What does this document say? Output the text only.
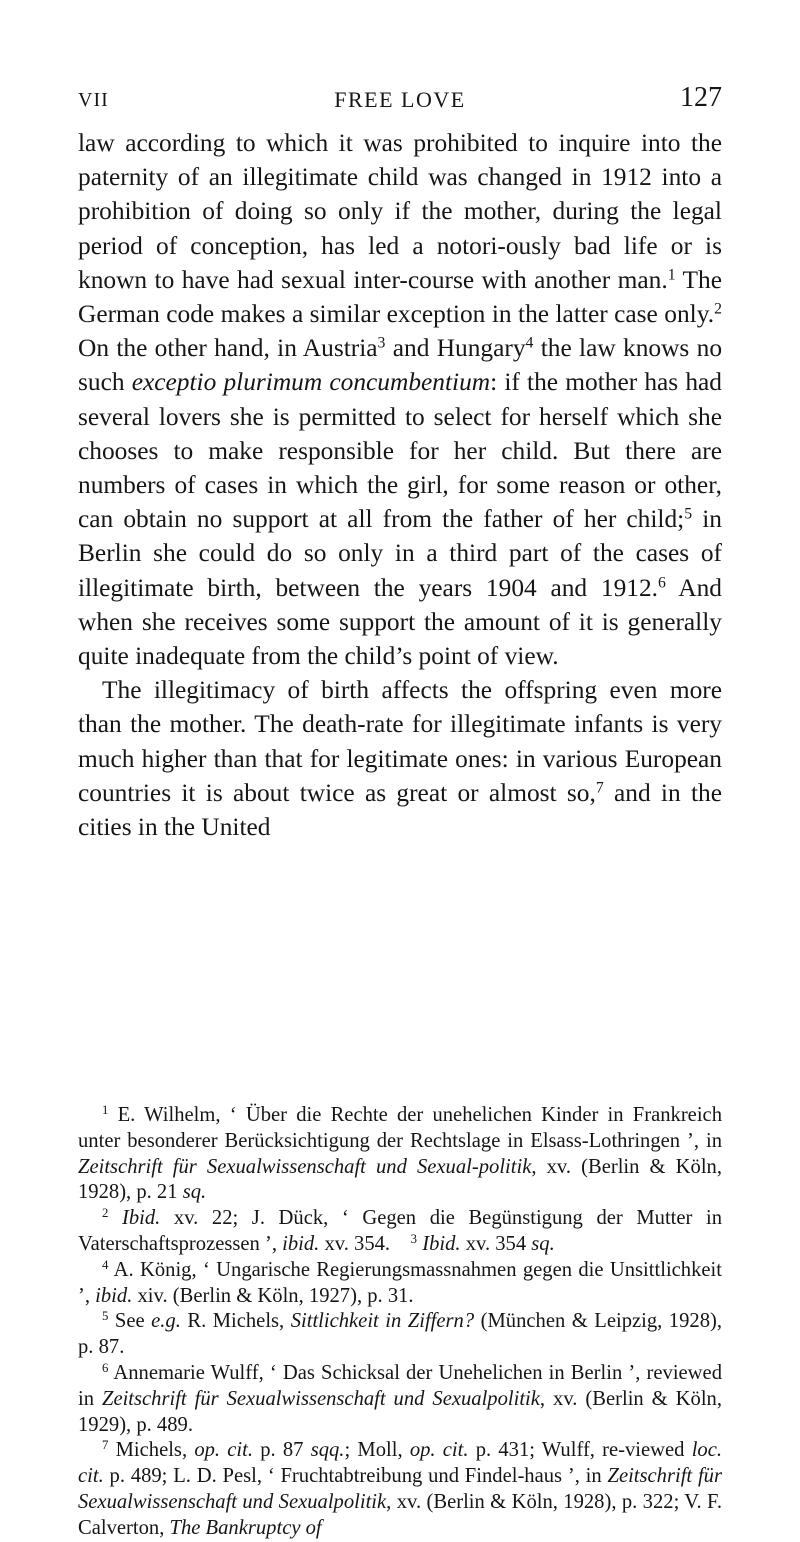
VII	FREE LOVE	127

law according to which it was prohibited to inquire into the paternity of an illegitimate child was changed in 1912 into a prohibition of doing so only if the mother, during the legal period of conception, has led a notori-ously bad life or is known to have had sexual inter-course with another man.$^1$ The German code makes a similar exception in the latter case only.$^2$ On the other hand, in Austria$^3$ and Hungary$^4$ the law knows no such exceptio plurimum concumbentium: if the mother has had several lovers she is permitted to select for herself which she chooses to make responsible for her child. But there are numbers of cases in which the girl, for some reason or other, can obtain no support at all from the father of her child;$^5$ in Berlin she could do so only in a third part of the cases of illegitimate birth, between the years 1904 and 1912.$^6$ And when she receives some support the amount of it is generally quite inadequate from the child’s point of view.

The illegitimacy of birth affects the offspring even more than the mother. The death-rate for illegitimate infants is very much higher than that for legitimate ones: in various European countries it is about twice as great or almost so,$^7$ and in the cities in the United

$^1$ E. Wilhelm, ‘ Über die Rechte der unehelichen Kinder in Frankreich unter besonderer Berücksichtigung der Rechtslage in Elsass-Lothringen ’, in Zeitschrift für Sexualwissenschaft und Sexual-politik, xv. (Berlin & Köln, 1928), p. 21 sq.

$^2$ Ibid. xv. 22; J. Dück, ‘ Gegen die Begünstigung der Mutter in Vaterschaftsprozessen ’, ibid. xv. 354.    $^3$ Ibid. xv. 354 sq.

$^4$ A. König, ‘ Ungarische Regierungsmassnahmen gegen die Unsittlichkeit ’, ibid. xiv. (Berlin & Köln, 1927), p. 31.

$^5$ See e.g. R. Michels, Sittlichkeit in Ziffern? (München & Leipzig, 1928), p. 87.

$^6$ Annemarie Wulff, ‘ Das Schicksal der Unehelichen in Berlin ’, reviewed in Zeitschrift für Sexualwissenschaft und Sexualpolitik, xv. (Berlin & Köln, 1929), p. 489.

$^7$ Michels, op. cit. p. 87 sqq.; Moll, op. cit. p. 431; Wulff, re-viewed loc. cit. p. 489; L. D. Pesl, ‘ Fruchtabtreibung und Findel-haus ’, in Zeitschrift für Sexualwissenschaft und Sexualpolitik, xv. (Berlin & Köln, 1928), p. 322; V. F. Calverton, The Bankruptcy of
